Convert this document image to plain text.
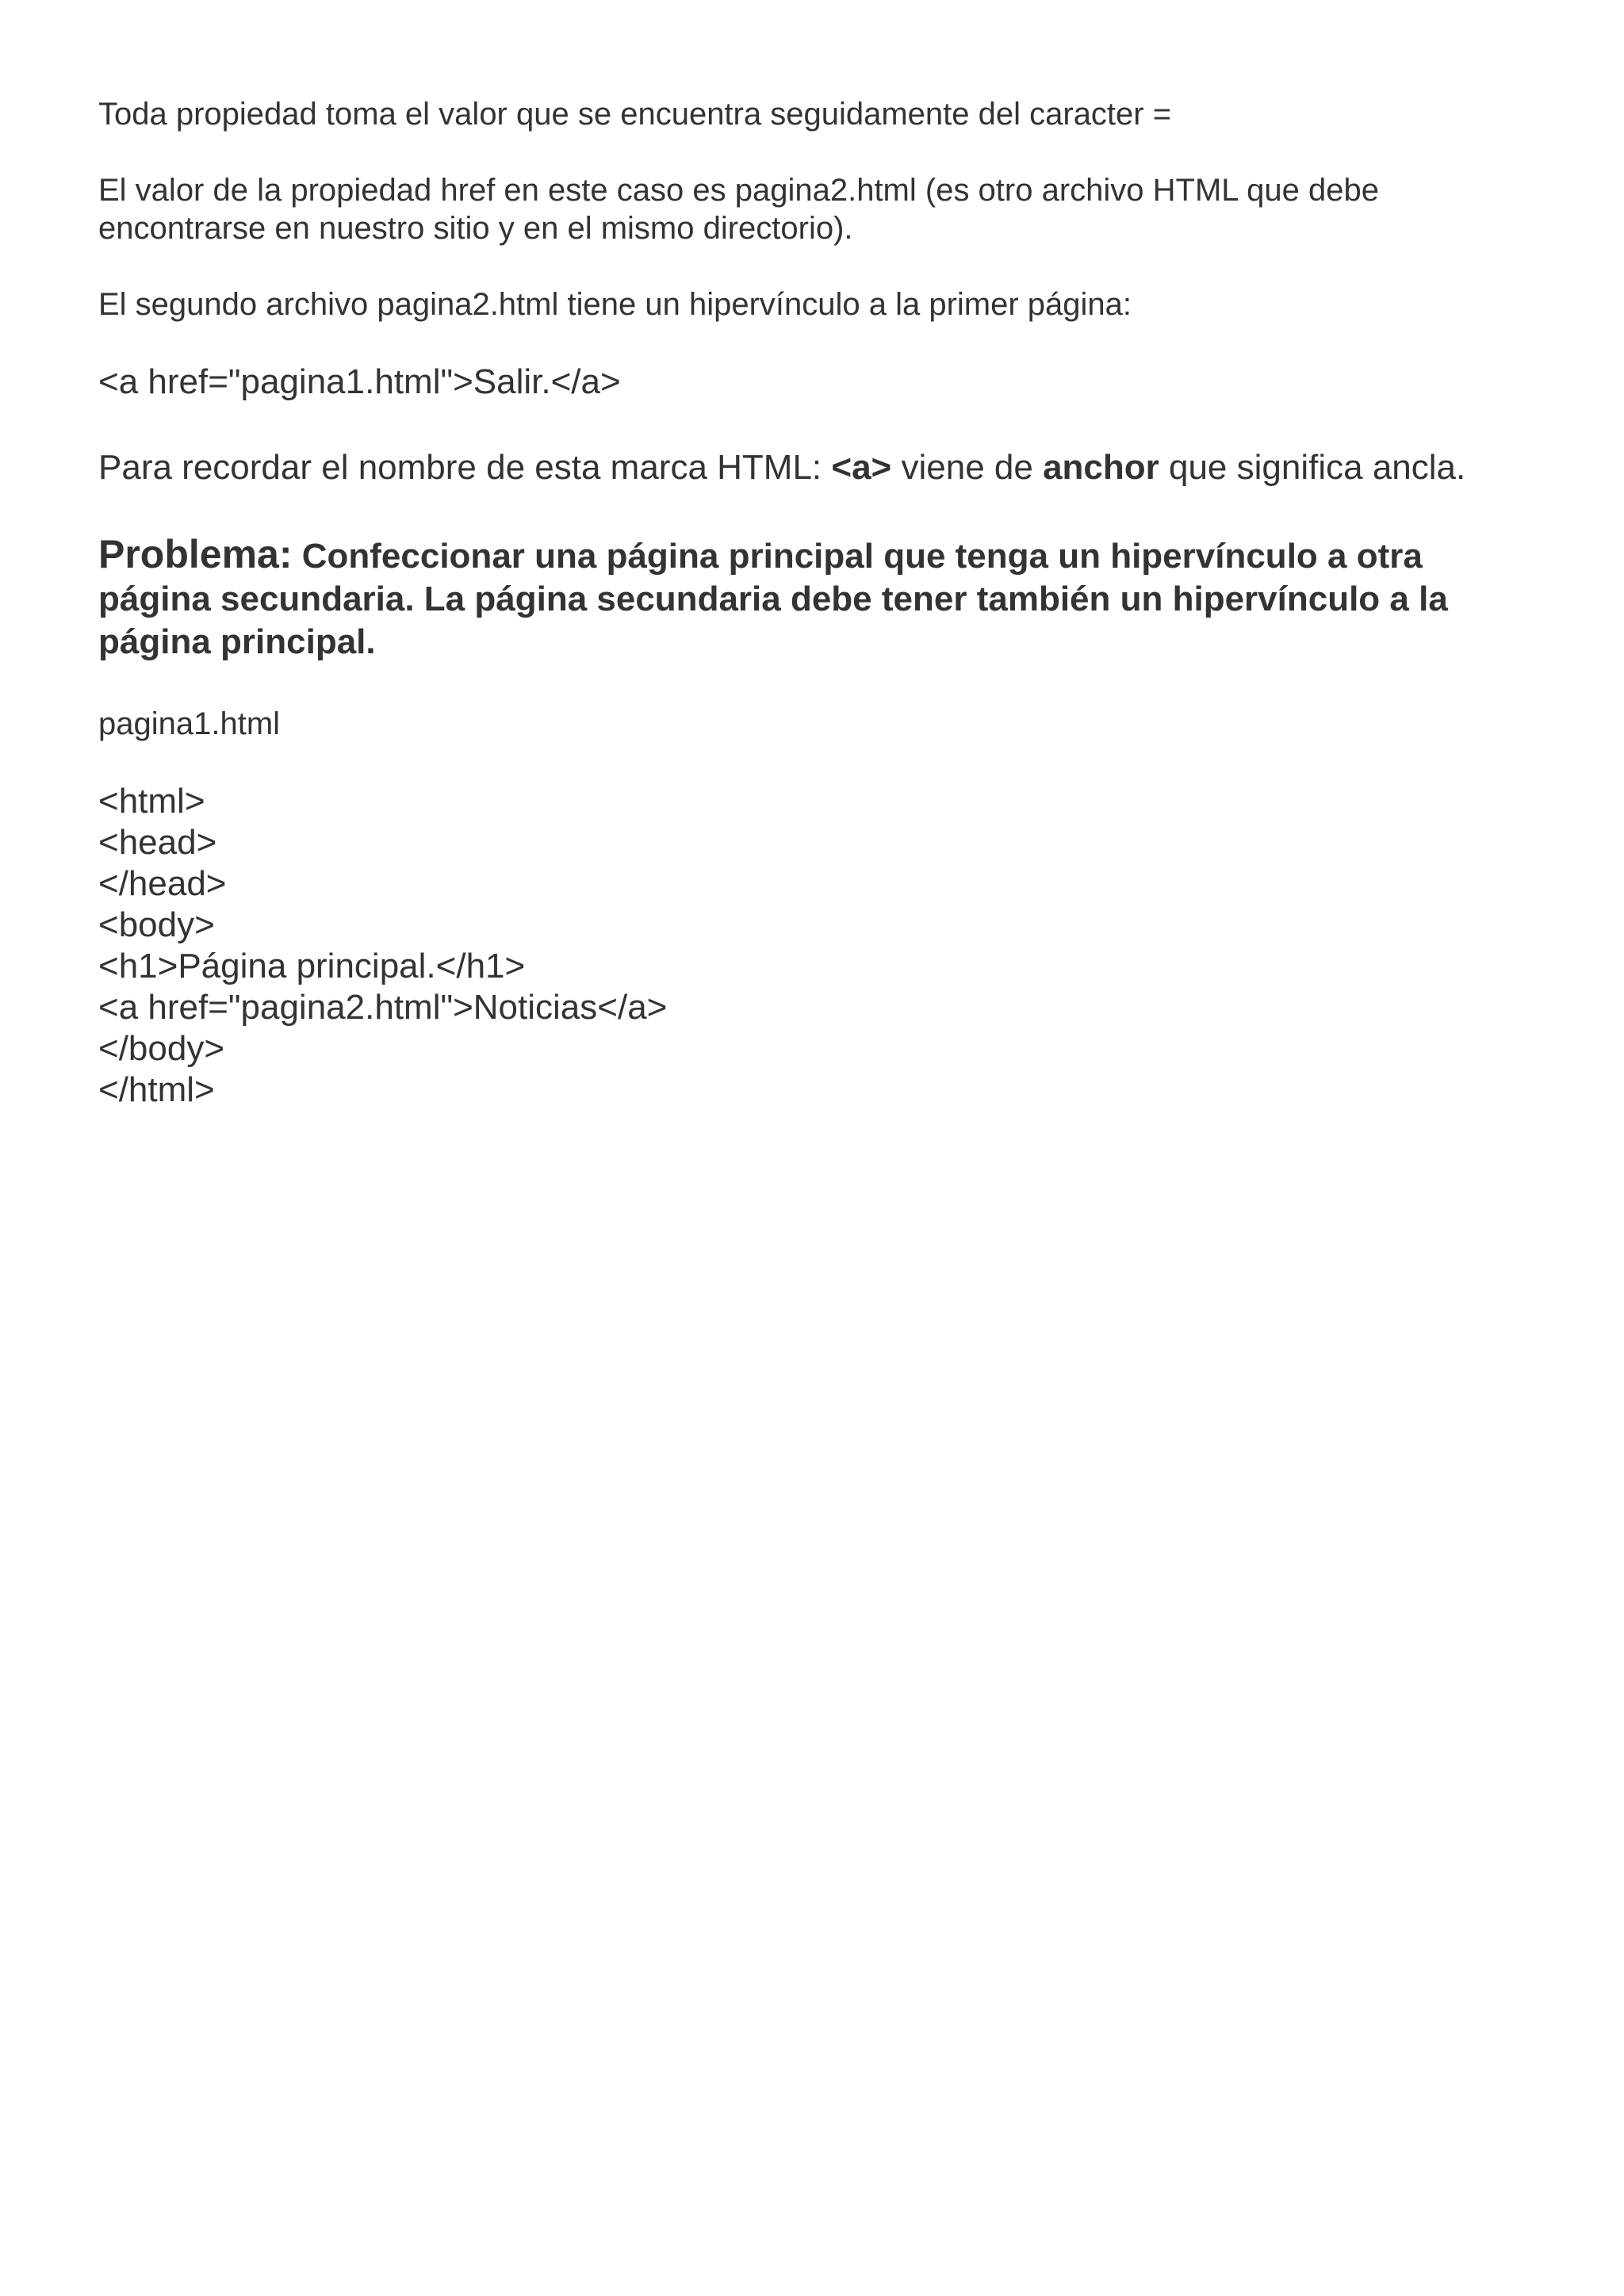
Toda propiedad toma el valor que se encuentra seguidamente del caracter =

El valor de la propiedad href en este caso es pagina2.html (es otro archivo HTML que debe encontrarse en nuestro sitio y en el mismo directorio).

El segundo archivo pagina2.html tiene un hipervínculo a la primer página:

<a href="pagina1.html">Salir.</a>

Para recordar el nombre de esta marca HTML: <a> viene de anchor que significa ancla.

Problema: Confeccionar una página principal que tenga un hipervínculo a otra página secundaria. La página secundaria debe tener también un hipervínculo a la página principal.

pagina1.html

<html>
<head>
</head>
<body>
<h1>Página principal.</h1>
<a href="pagina2.html">Noticias</a>
</body>
</html>
